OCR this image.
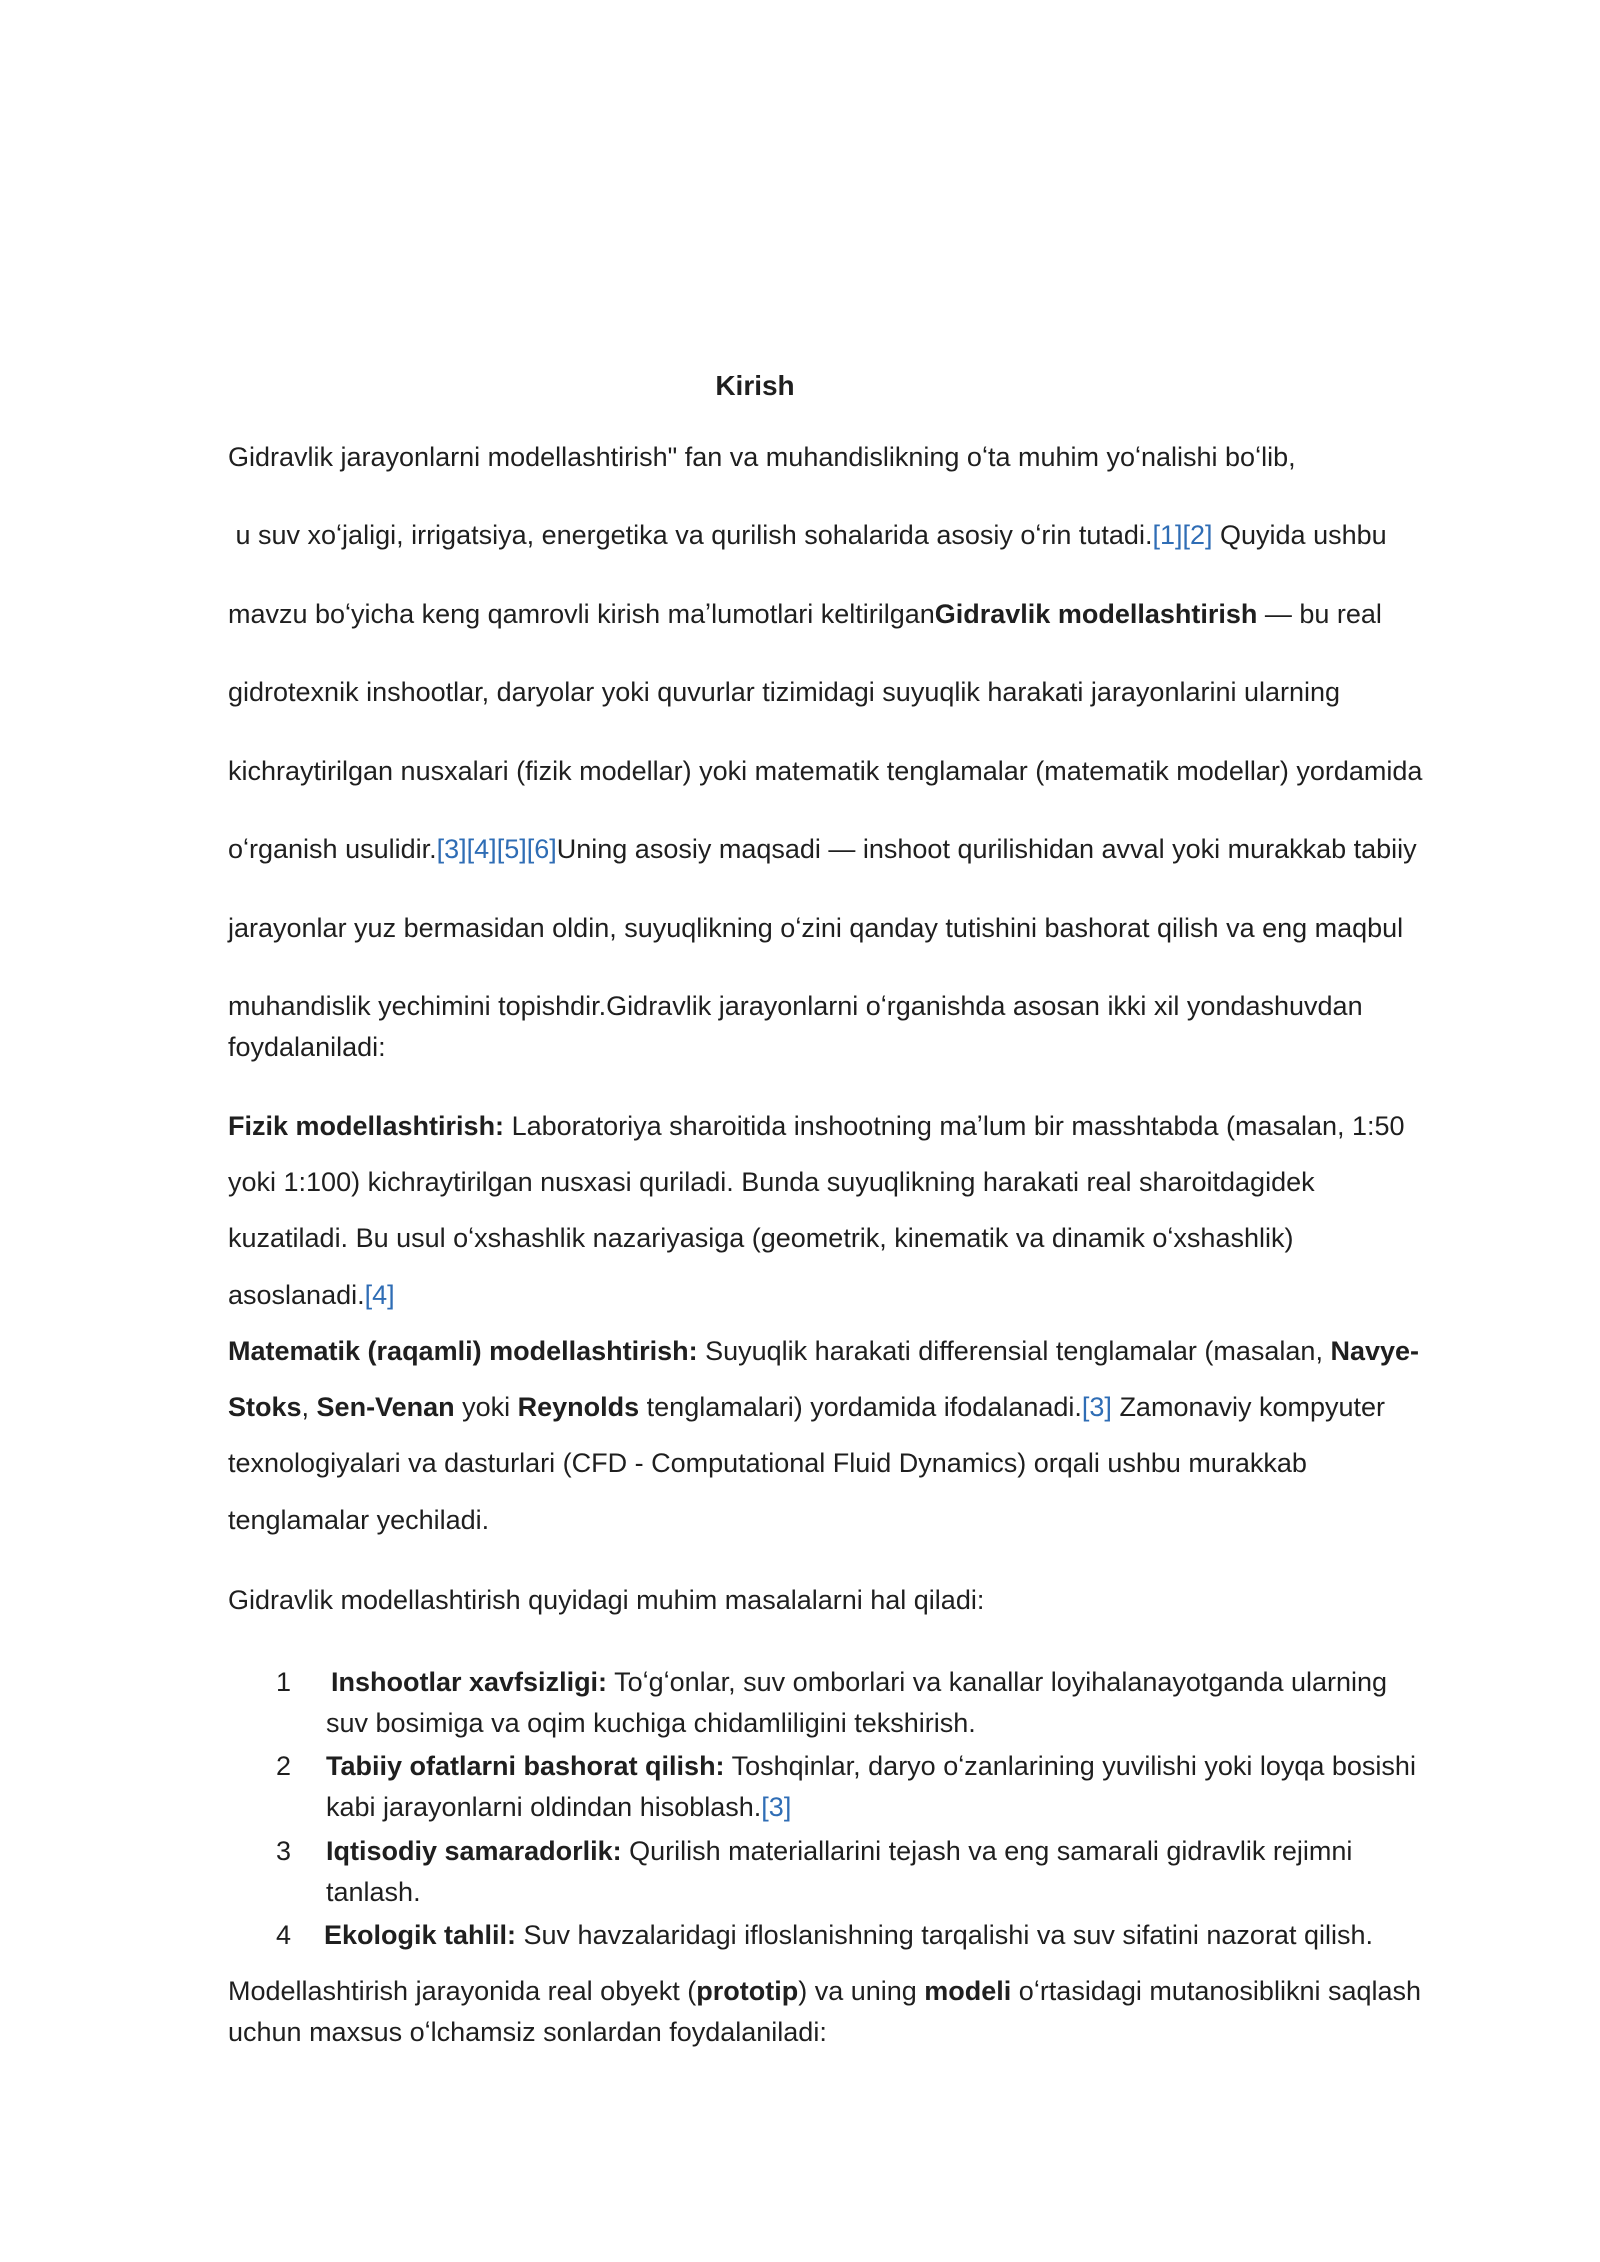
Kirish
Gidravlik jarayonlarni modellashtirish" fan va muhandislikning oʻta muhim yoʻnalishi boʻlib,
u suv xoʻjaligi, irrigatsiya, energetika va qurilish sohalarida asosiy oʻrin tutadi.[1][2] Quyida ushbu
mavzu boʻyicha keng qamrovli kirish maʼlumotlari keltirilganGidravlik modellashtirish — bu real
gidrotexnik inshootlar, daryolar yoki quvurlar tizimidagi suyuqlik harakati jarayonlarini ularning
kichraytirilgan nusxalari (fizik modellar) yoki matematik tenglamalar (matematik modellar) yordamida
oʻrganish usulidir.[3][4][5][6]Uning asosiy maqsadi — inshoot qurilishidan avval yoki murakkab tabiiy
jarayonlar yuz bermasidan oldin, suyuqlikning oʻzini qanday tutishini bashorat qilish va eng maqbul
muhandislik yechimini topishdir.Gidravlik jarayonlarni oʻrganishda asosan ikki xil yondashuvdan
foydalaniladi:
Fizik modellashtirish: Laboratoriya sharoitida inshootning maʼlum bir masshtabda (masalan, 1:50
yoki 1:100) kichraytirilgan nusxasi quriladi. Bunda suyuqlikning harakati real sharoitdagidek
kuzatiladi. Bu usul oʻxshashlik nazariyasiga (geometrik, kinematik va dinamik oʻxshashlik)
asoslanadi.[4]
Matematik (raqamli) modellashtirish: Suyuqlik harakati differensial tenglamalar (masalan, Navye-
Stoks, Sen-Venan yoki Reynolds tenglamalari) yordamida ifodalanadi.[3] Zamonaviy kompyuter
texnologiyalari va dasturlari (CFD - Computational Fluid Dynamics) orqali ushbu murakkab
tenglamalar yechiladi.
Gidravlik modellashtirish quyidagi muhim masalalarni hal qiladi:
1 Inshootlar xavfsizligi: Toʻgʻonlar, suv omborlari va kanallar loyihalanayotganda ularning
suv bosimiga va oqim kuchiga chidamliligini tekshirish.
2 Tabiiy ofatlarni bashorat qilish: Toshqinlar, daryo oʻzanlarining yuvilishi yoki loyqa bosishi
kabi jarayonlarni oldindan hisoblash.[3]
3 Iqtisodiy samaradorlik: Qurilish materiallarini tejash va eng samarali gidravlik rejimni
tanlash.
4 Ekologik tahlil: Suv havzalaridagi ifloslanishning tarqalishi va suv sifatini nazorat qilish.
Modellashtirish jarayonida real obyekt (prototip) va uning modeli oʻrtasidagi mutanosiblikni saqlash
uchun maxsus oʻlchamsiz sonlardan foydalaniladi:
